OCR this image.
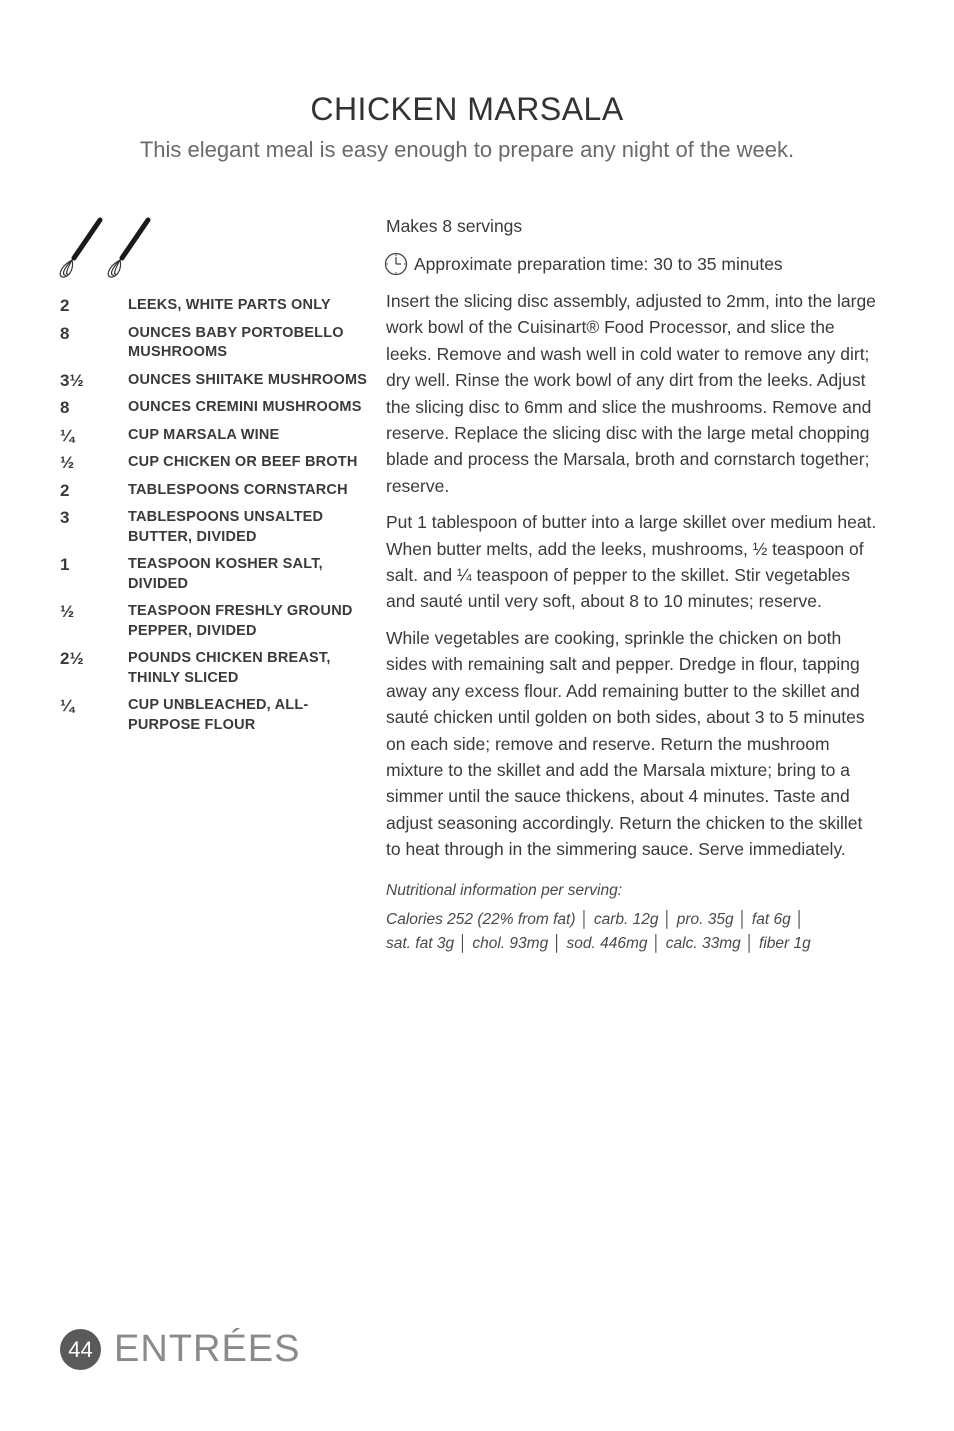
CHICKEN MARSALA
This elegant meal is easy enough to prepare any night of the week.
2	LEEKS, WHITE PARTS ONLY
8	OUNCES BABY PORTOBELLO MUSHROOMS
3½	OUNCES SHIITAKE MUSHROOMS
8	OUNCES CREMINI MUSHROOMS
¼	CUP MARSALA WINE
½	CUP CHICKEN OR BEEF BROTH
2	TABLESPOONS CORNSTARCH
3	TABLESPOONS UNSALTED BUTTER, DIVIDED
1	TEASPOON KOSHER SALT, DIVIDED
½	TEASPOON FRESHLY GROUND PEPPER, DIVIDED
2½	POUNDS CHICKEN BREAST, THINLY SLICED
¼	CUP UNBLEACHED, ALL-PURPOSE FLOUR
Makes 8 servings
Approximate preparation time: 30 to 35 minutes

Insert the slicing disc assembly, adjusted to 2mm, into the large work bowl of the Cuisinart® Food Processor, and slice the leeks. Remove and wash well in cold water to remove any dirt; dry well. Rinse the work bowl of any dirt from the leeks. Adjust the slicing disc to 6mm and slice the mushrooms. Remove and reserve. Replace the slicing disc with the large metal chopping blade and process the Marsala, broth and cornstarch together; reserve.

Put 1 tablespoon of butter into a large skillet over medium heat. When butter melts, add the leeks, mushrooms, ½ teaspoon of salt. and ¼ teaspoon of pepper to the skillet. Stir vegetables and sauté until very soft, about 8 to 10 minutes; reserve.

While vegetables are cooking, sprinkle the chicken on both sides with remaining salt and pepper. Dredge in flour, tapping away any excess flour. Add remaining butter to the skillet and sauté chicken until golden on both sides, about 3 to 5 minutes on each side; remove and reserve. Return the mushroom mixture to the skillet and add the Marsala mixture; bring to a simmer until the sauce thickens, about 4 minutes. Taste and adjust seasoning accordingly. Return the chicken to the skillet to heat through in the simmering sauce. Serve immediately.

Nutritional information per serving:
Calories 252 (22% from fat) │ carb. 12g │ pro. 35g │ fat 6g │
sat. fat 3g │ chol. 93mg │ sod. 446mg │ calc. 33mg │ fiber 1g
44 ENTRÉES
